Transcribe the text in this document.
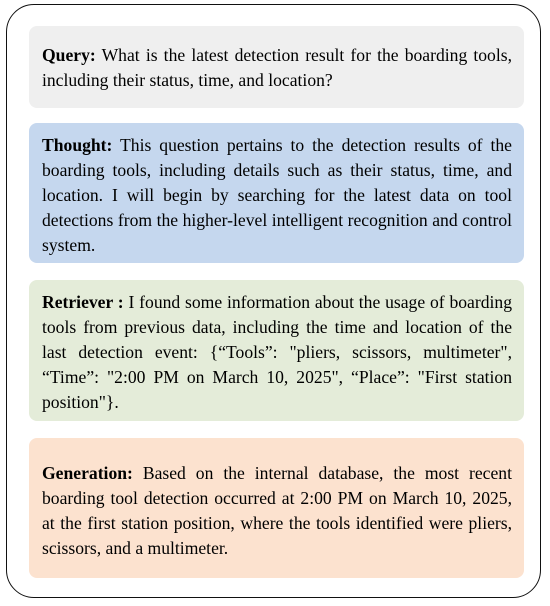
Query: What is the latest detection result for the boarding tools, including their status, time, and location?
Thought: This question pertains to the detection results of the boarding tools, including details such as their status, time, and location. I will begin by searching for the latest data on tool detections from the higher-level intelligent recognition and control system.
Retriever : I found some information about the usage of boarding tools from previous data, including the time and location of the last detection event: {“Tools”: "pliers, scissors, multimeter", “Time”: "2:00 PM on March 10, 2025", “Place”: "First station position"}.
Generation: Based on the internal database, the most recent boarding tool detection occurred at 2:00 PM on March 10, 2025, at the first station position, where the tools identified were pliers, scissors, and a multimeter.
